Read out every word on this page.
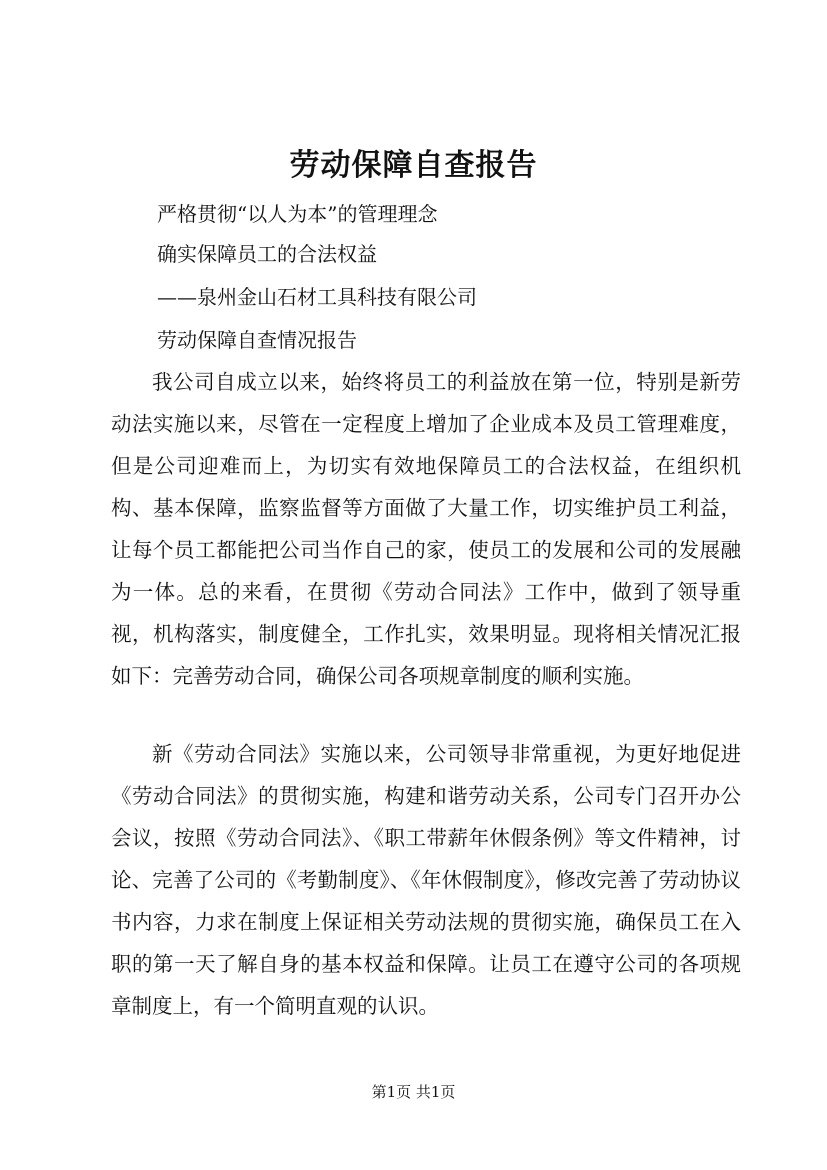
劳动保障自查报告

严格贯彻“以人为本”的管理理念

确实保障员工的合法权益

——泉州金山石材工具科技有限公司

劳动保障自查情况报告

我公司自成立以来，始终将员工的利益放在第一位，特别是新劳动法实施以来，尽管在一定程度上增加了企业成本及员工管理难度，但是公司迎难而上，为切实有效地保障员工的合法权益，在组织机构、基本保障，监察监督等方面做了大量工作，切实维护员工利益，让每个员工都能把公司当作自己的家，使员工的发展和公司的发展融为一体。总的来看，在贯彻《劳动合同法》工作中，做到了领导重视，机构落实，制度健全，工作扎实，效果明显。现将相关情况汇报如下：完善劳动合同，确保公司各项规章制度的顺利实施。

新《劳动合同法》实施以来，公司领导非常重视，为更好地促进《劳动合同法》的贯彻实施，构建和谐劳动关系，公司专门召开办公会议，按照《劳动合同法》、《职工带薪年休假条例》等文件精神，讨论、完善了公司的《考勤制度》、《年休假制度》，修改完善了劳动协议书内容，力求在制度上保证相关劳动法规的贯彻实施，确保员工在入职的第一天了解自身的基本权益和保障。让员工在遵守公司的各项规章制度上，有一个简明直观的认识。

第1页 共1页
